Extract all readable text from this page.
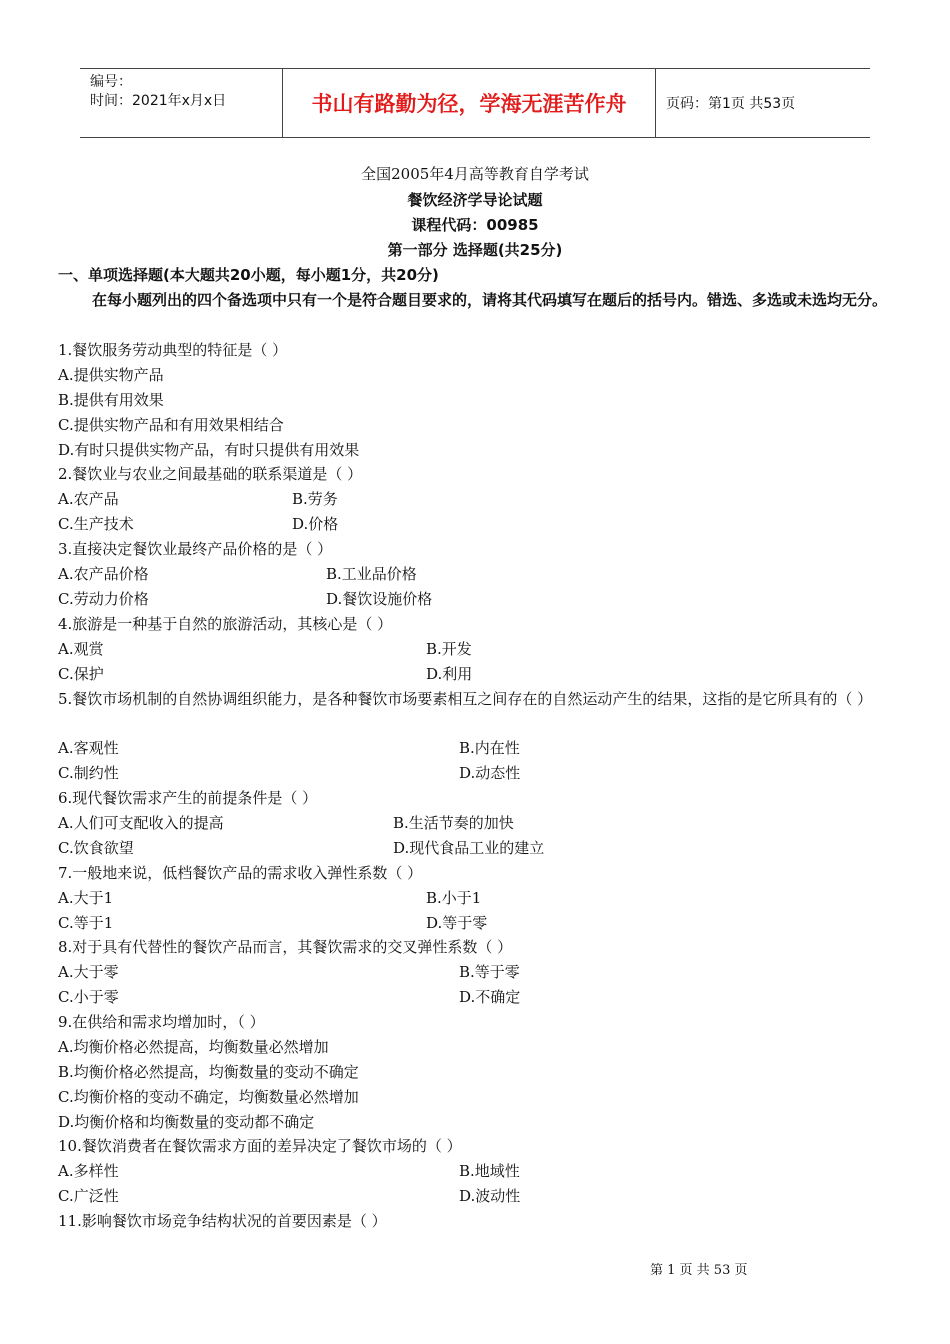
编号：
时间：2021年x月x日	书山有路勤为径，学海无涯苦作舟	页码：第1页 共53页
全国2005年4月高等教育自学考试
餐饮经济学导论试题
课程代码：00985
第一部分 选择题(共25分)
一、单项选择题(本大题共20小题，每小题1分，共20分)
在每小题列出的四个备选项中只有一个是符合题目要求的，请将其代码填写在题后的括号内。错选、多选或未选均无分。
1.餐饮服务劳动典型的特征是（ ）
A.提供实物产品
B.提供有用效果
C.提供实物产品和有用效果相结合
D.有时只提供实物产品，有时只提供有用效果
2.餐饮业与农业之间最基础的联系渠道是（ ）
A.农产品	B.劳务
C.生产技术	D.价格
3.直接决定餐饮业最终产品价格的是（ ）
A.农产品价格	B.工业品价格
C.劳动力价格	D.餐饮设施价格
4.旅游是一种基于自然的旅游活动，其核心是（ ）
A.观赏	B.开发
C.保护	D.利用
5.餐饮市场机制的自然协调组织能力，是各种餐饮市场要素相互之间存在的自然运动产生的结果，这指的是它所具有的（ ）
A.客观性	B.内在性
C.制约性	D.动态性
6.现代餐饮需求产生的前提条件是（ ）
A.人们可支配收入的提高	B.生活节奏的加快
C.饮食欲望	D.现代食品工业的建立
7.一般地来说，低档餐饮产品的需求收入弹性系数（ ）
A.大于1	B.小于1
C.等于1	D.等于零
8.对于具有代替性的餐饮产品而言，其餐饮需求的交叉弹性系数（ ）
A.大于零	B.等于零
C.小于零	D.不确定
9.在供给和需求均增加时，（ ）
A.均衡价格必然提高，均衡数量必然增加
B.均衡价格必然提高，均衡数量的变动不确定
C.均衡价格的变动不确定，均衡数量必然增加
D.均衡价格和均衡数量的变动都不确定
10.餐饮消费者在餐饮需求方面的差异决定了餐饮市场的（ ）
A.多样性	B.地域性
C.广泛性	D.波动性
11.影响餐饮市场竞争结构状况的首要因素是（ ）
第 1 页 共 53 页
